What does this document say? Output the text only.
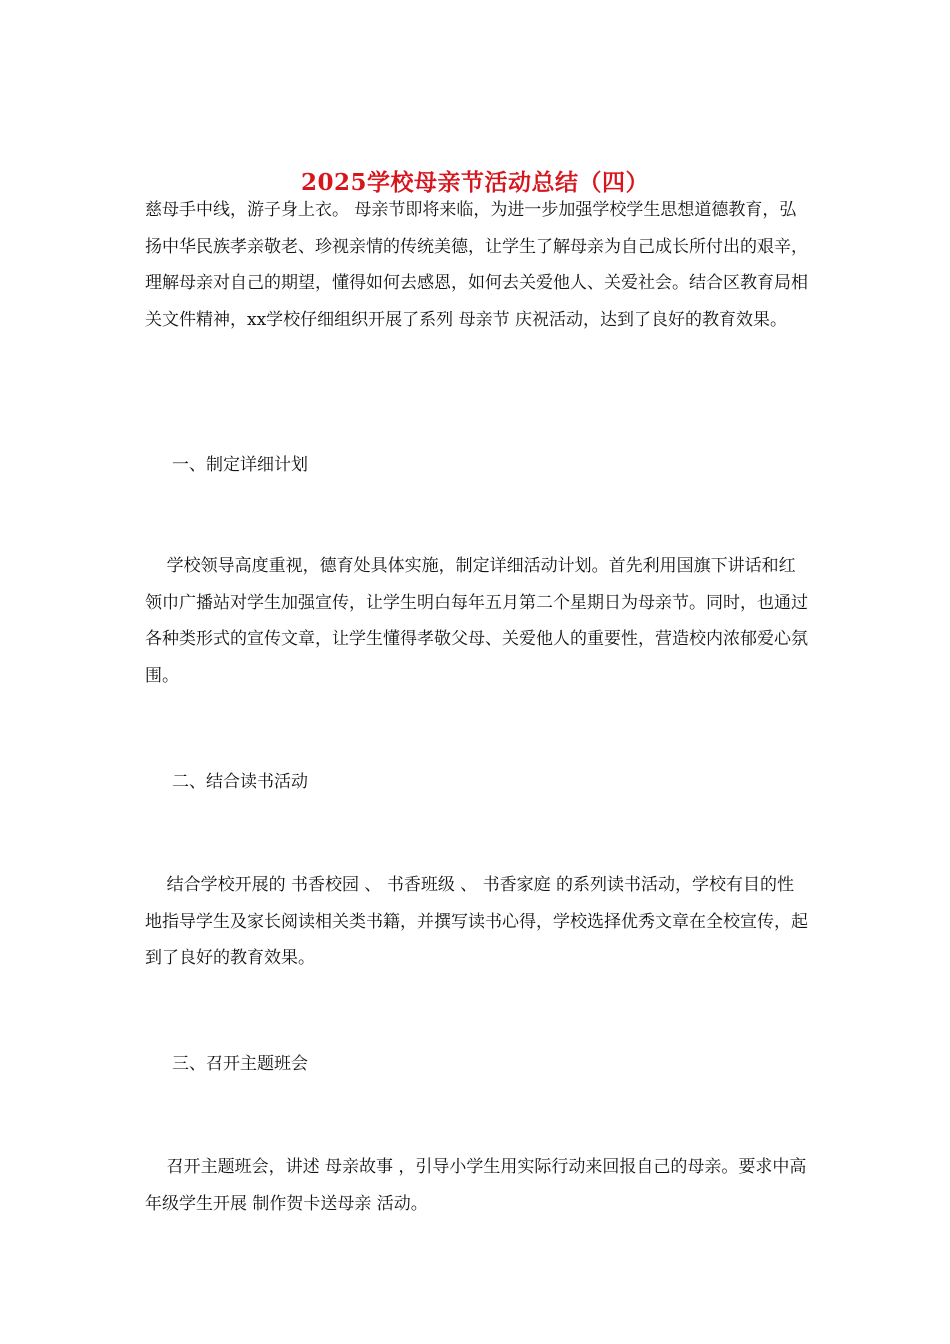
2025学校母亲节活动总结（四）

慈母手中线，游子身上衣。 母亲节即将来临，为进一步加强学校学生思想道德教育，弘扬中华民族孝亲敬老、珍视亲情的传统美德，让学生了解母亲为自己成长所付出的艰辛，理解母亲对自己的期望，懂得如何去感恩，如何去关爱他人、关爱社会。结合区教育局相关文件精神，xx学校仔细组织开展了系列 母亲节 庆祝活动，达到了良好的教育效果。

一、制定详细计划

学校领导高度重视，德育处具体实施，制定详细活动计划。首先利用国旗下讲话和红领巾广播站对学生加强宣传，让学生明白每年五月第二个星期日为母亲节。同时，也通过各种类形式的宣传文章，让学生懂得孝敬父母、关爱他人的重要性，营造校内浓郁爱心氛围。

二、结合读书活动

结合学校开展的 书香校园 、 书香班级 、 书香家庭 的系列读书活动，学校有目的性地指导学生及家长阅读相关类书籍，并撰写读书心得，学校选择优秀文章在全校宣传，起到了良好的教育效果。

三、召开主题班会

召开主题班会，讲述 母亲故事 ，引导小学生用实际行动来回报自己的母亲。要求中高年级学生开展 制作贺卡送母亲 活动。
